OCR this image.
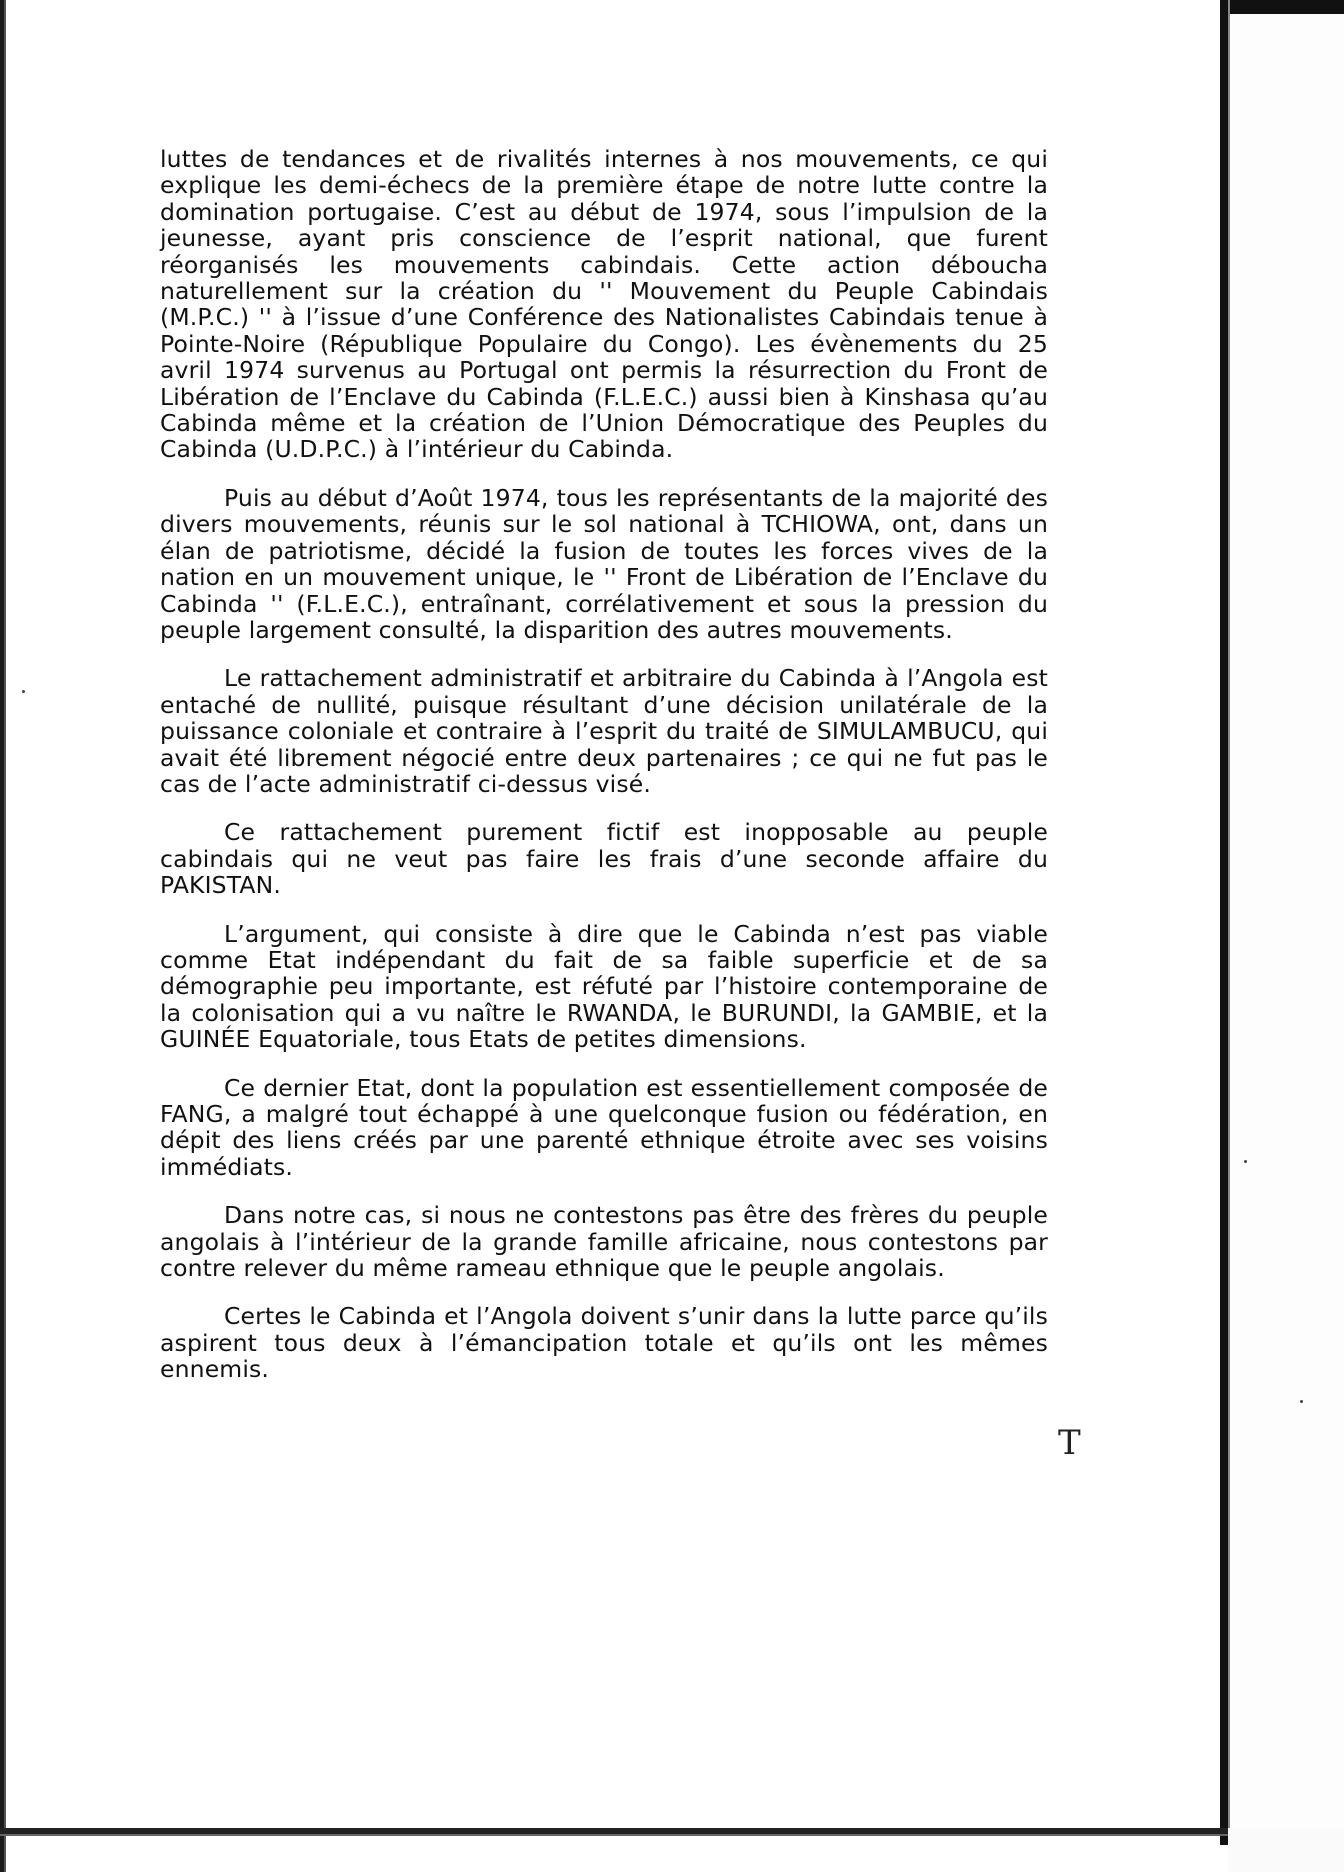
luttes de tendances et de rivalités internes à nos mouvements, ce qui explique les demi-échecs de la première étape de notre lutte contre la domination portugaise. C’est au début de 1974, sous l’impulsion de la jeunesse, ayant pris conscience de l’esprit national, que furent réorganisés les mouvements cabindais. Cette action déboucha naturellement sur la création du '' Mouvement du Peuple Cabindais (M.P.C.) '' à l’issue d’une Conférence des Nationalistes Cabindais tenue à Pointe-Noire (République Populaire du Congo). Les évènements du 25 avril 1974 survenus au Portugal ont permis la résurrection du Front de Libération de l’Enclave du Cabinda (F.L.E.C.) aussi bien à Kinshasa qu’au Cabinda même et la création de l’Union Démocratique des Peuples du Cabinda (U.D.P.C.) à l’intérieur du Cabinda.

Puis au début d’Août 1974, tous les représentants de la majorité des divers mouvements, réunis sur le sol national à TCHIOWA, ont, dans un élan de patriotisme, décidé la fusion de toutes les forces vives de la nation en un mouvement unique, le '' Front de Libération de l’Enclave du Cabinda '' (F.L.E.C.), entraînant, corrélativement et sous la pression du peuple largement consulté, la disparition des autres mouvements.

Le rattachement administratif et arbitraire du Cabinda à l’Angola est entaché de nullité, puisque résultant d’une décision unilatérale de la puissance coloniale et contraire à l’esprit du traité de SIMULAMBUCU, qui avait été librement négocié entre deux partenaires ; ce qui ne fut pas le cas de l’acte administratif ci-dessus visé.

Ce rattachement purement fictif est inopposable au peuple cabindais qui ne veut pas faire les frais d’une seconde affaire du PAKISTAN.

L’argument, qui consiste à dire que le Cabinda n’est pas viable comme Etat indépendant du fait de sa faible superficie et de sa démographie peu importante, est réfuté par l’histoire contemporaine de la colonisation qui a vu naître le RWANDA, le BURUNDI, la GAMBIE, et la GUINÉE Equatoriale, tous Etats de petites dimensions.

Ce dernier Etat, dont la population est essentiellement composée de FANG, a malgré tout échappé à une quelconque fusion ou fédération, en dépit des liens créés par une parenté ethnique étroite avec ses voisins immédiats.

Dans notre cas, si nous ne contestons pas être des frères du peuple angolais à l’intérieur de la grande famille africaine, nous contestons par contre relever du même rameau ethnique que le peuple angolais.

Certes le Cabinda et l’Angola doivent s’unir dans la lutte parce qu’ils aspirent tous deux à l’émancipation totale et qu’ils ont les mêmes ennemis.

T
